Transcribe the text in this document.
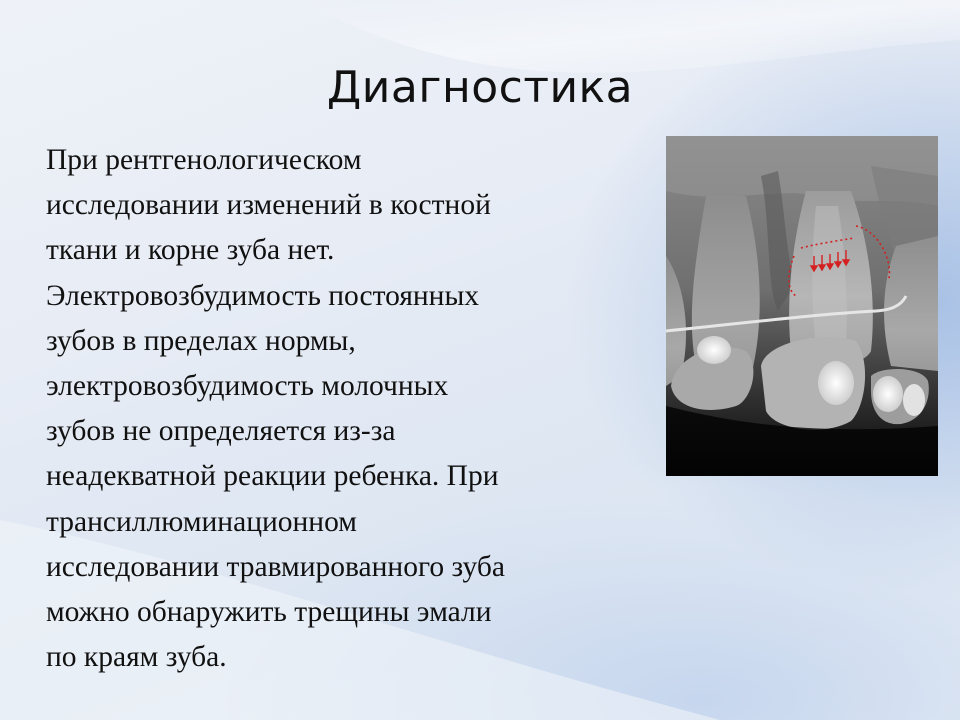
Диагностика

При рентгенологическом
исследовании изменений в костной
ткани и корне зуба нет.
Электровозбудимость постоянных
зубов в пределах нормы,
электровозбудимость молочных
зубов не определяется из-за
неадекватной реакции ребенка. При
трансиллюминационном
исследовании травмированного зуба
можно обнаружить трещины эмали
по краям зуба.
